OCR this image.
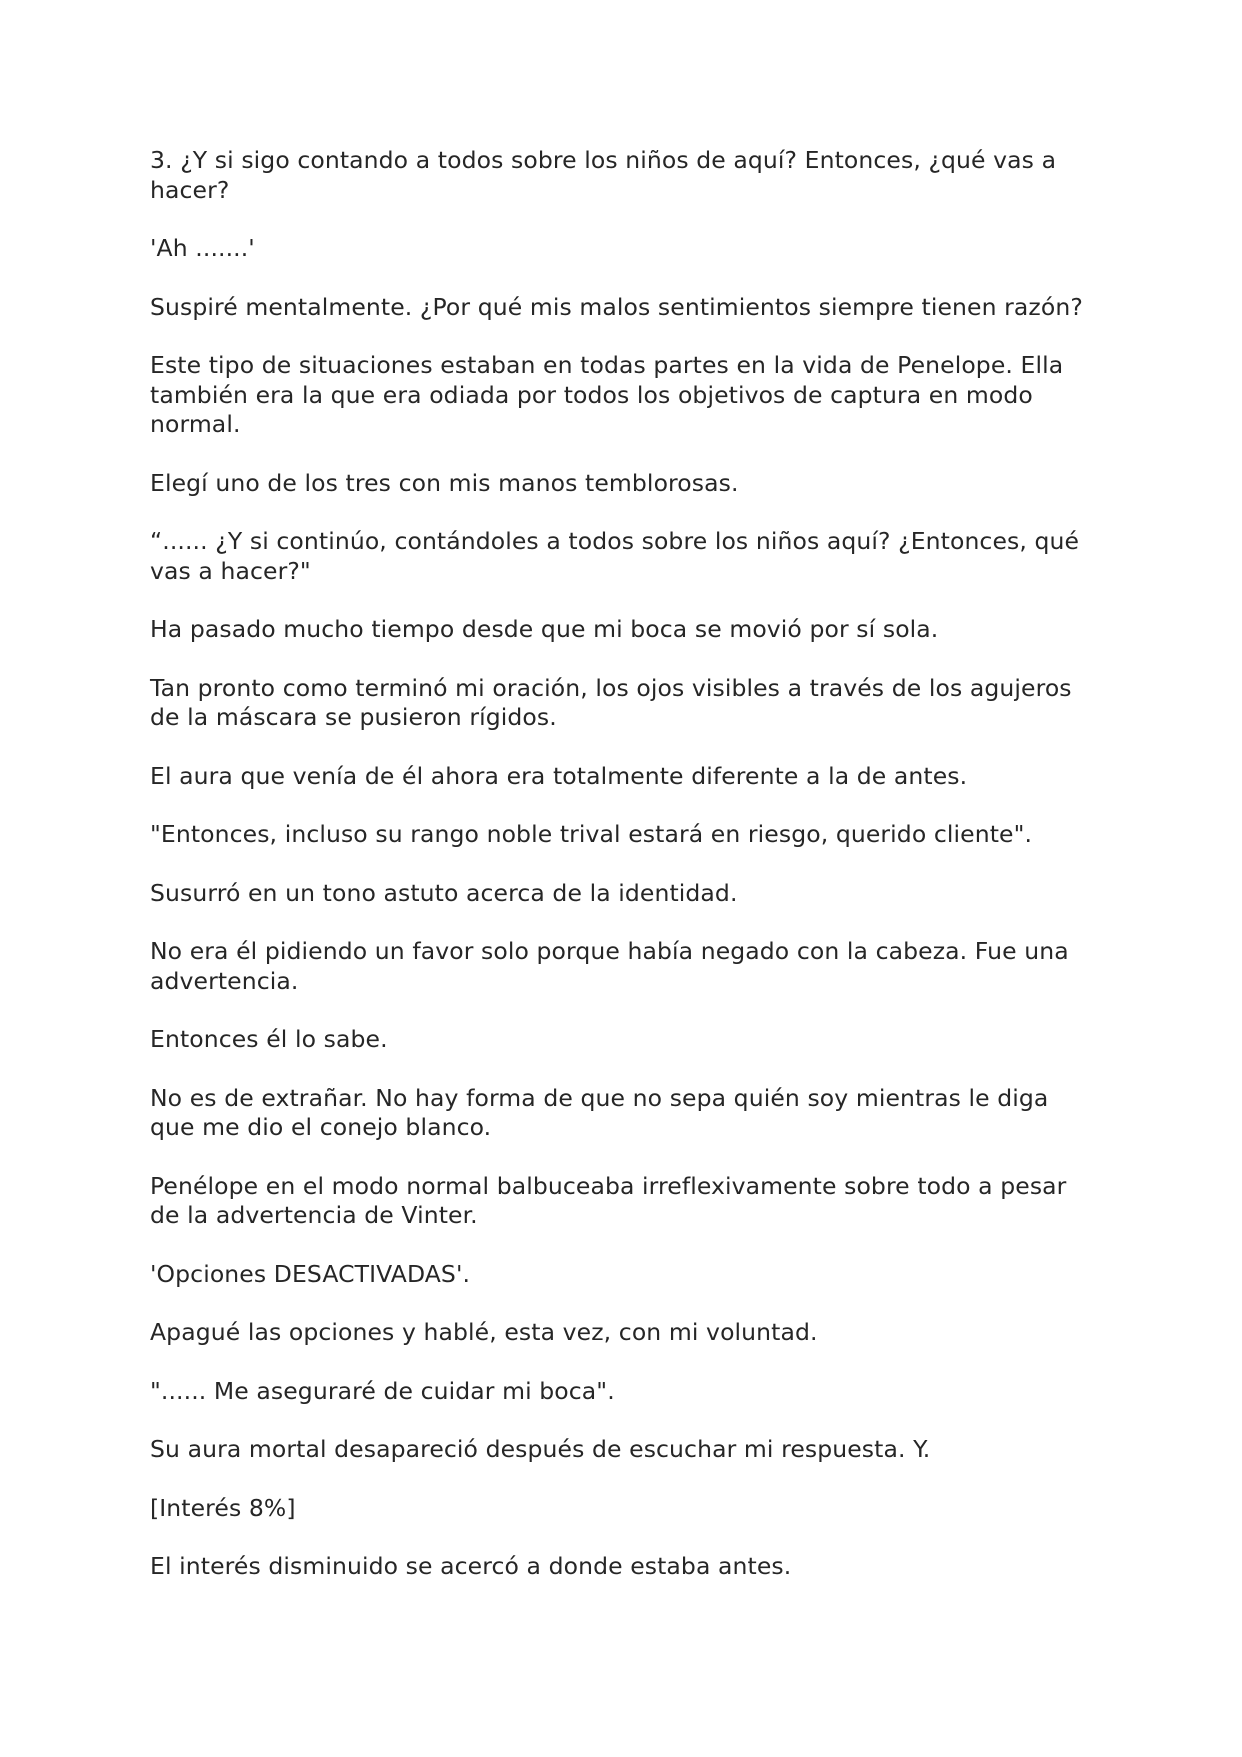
3. ¿Y si sigo contando a todos sobre los niños de aquí? Entonces, ¿qué vas a hacer?

'Ah .......'

Suspiré mentalmente. ¿Por qué mis malos sentimientos siempre tienen razón?

Este tipo de situaciones estaban en todas partes en la vida de Penelope. Ella también era la que era odiada por todos los objetivos de captura en modo normal.

Elegí uno de los tres con mis manos temblorosas.

“...... ¿Y si continúo, contándoles a todos sobre los niños aquí? ¿Entonces, qué vas a hacer?"

Ha pasado mucho tiempo desde que mi boca se movió por sí sola.

Tan pronto como terminó mi oración, los ojos visibles a través de los agujeros de la máscara se pusieron rígidos.

El aura que venía de él ahora era totalmente diferente a la de antes.

"Entonces, incluso su rango noble trival estará en riesgo, querido cliente".

Susurró en un tono astuto acerca de la identidad.

No era él pidiendo un favor solo porque había negado con la cabeza. Fue una advertencia.

Entonces él lo sabe.

No es de extrañar. No hay forma de que no sepa quién soy mientras le diga que me dio el conejo blanco.

Penélope en el modo normal balbuceaba irreflexivamente sobre todo a pesar de la advertencia de Vinter.

'Opciones DESACTIVADAS'.

Apagué las opciones y hablé, esta vez, con mi voluntad.

"...... Me aseguraré de cuidar mi boca".

Su aura mortal desapareció después de escuchar mi respuesta. Y.

[Interés 8%]

El interés disminuido se acercó a donde estaba antes.
